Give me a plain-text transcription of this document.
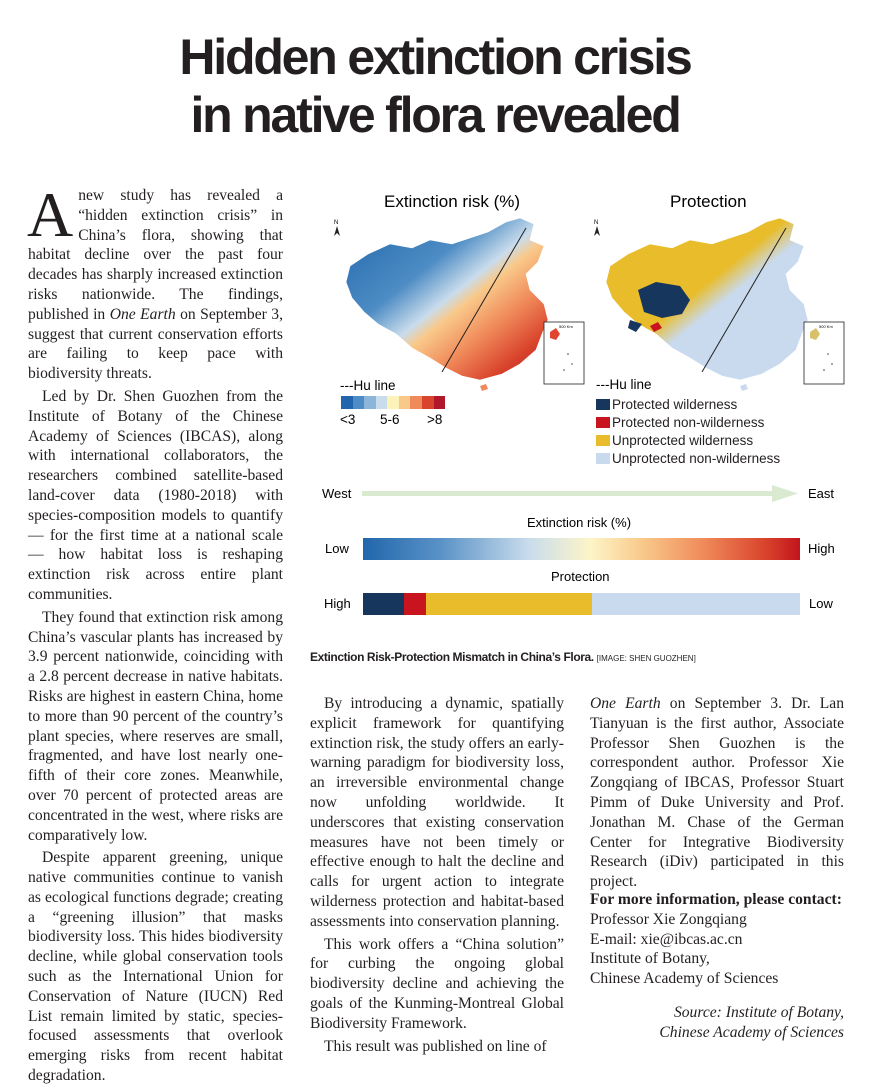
Hidden extinction crisis
in native flora revealed

A new study has revealed a “hidden extinction crisis” in China’s flora, showing that habitat decline over the past four decades has sharply increased extinction risks nationwide. The findings, published in One Earth on September 3, suggest that current conservation efforts are failing to keep pace with biodiversity threats.

Led by Dr. Shen Guozhen from the Institute of Botany of the Chinese Academy of Sciences (IBCAS), along with international collaborators, the researchers combined satellite-based land-cover data (1980-2018) with species-composition models to quantify — for the first time at a national scale — how habitat loss is reshaping extinction risk across entire plant communities.

They found that extinction risk among China’s vascular plants has increased by 3.9 percent nationwide, coinciding with a 2.8 percent decrease in native habitats. Risks are highest in eastern China, home to more than 90 percent of the country’s plant species, where reserves are small, fragmented, and have lost nearly one-fifth of their core zones. Meanwhile, over 70 percent of protected areas are concentrated in the west, where risks are comparatively low.

Despite apparent greening, unique native communities continue to vanish as ecological functions degrade; creating a “greening illusion” that masks biodiversity loss. This hides biodiversity decline, while global conservation tools such as the International Union for Conservation of Nature (IUCN) Red List remain limited by static, species-focused assessments that overlook emerging risks from recent habitat degradation.

Extinction risk (%)	Protection
N
500 Km
N
500 Km
---Hu line
<3 5-6 >8
---Hu line
Protected wilderness
Protected non-wilderness
Unprotected wilderness
Unprotected non-wilderness
West	East
Extinction risk (%)
Low	High
Protection
High	Low
Extinction Risk-Protection Mismatch in China’s Flora. [IMAGE: SHEN GUOZHEN]

By introducing a dynamic, spatially explicit framework for quantifying extinction risk, the study offers an early-warning paradigm for biodiversity loss, an irreversible environmental change now unfolding worldwide. It underscores that existing conservation measures have not been timely or effective enough to halt the decline and calls for urgent action to integrate wilderness protection and habitat-based assessments into conservation planning.

This work offers a “China solution” for curbing the ongoing global biodiversity decline and achieving the goals of the Kunming-Montreal Global Biodiversity Framework.

This result was published on line of

One Earth on September 3. Dr. Lan Tianyuan is the first author, Associate Professor Shen Guozhen is the correspondent author. Professor Xie Zongqiang of IBCAS, Professor Stuart Pimm of Duke University and Prof. Jonathan M. Chase of the German Center for Integrative Biodiversity Research (iDiv) participated in this project.

For more information, please contact:
Professor Xie Zongqiang
E-mail: xie@ibcas.ac.cn
Institute of Botany,
Chinese Academy of Sciences
Source: Institute of Botany,
Chinese Academy of Sciences
